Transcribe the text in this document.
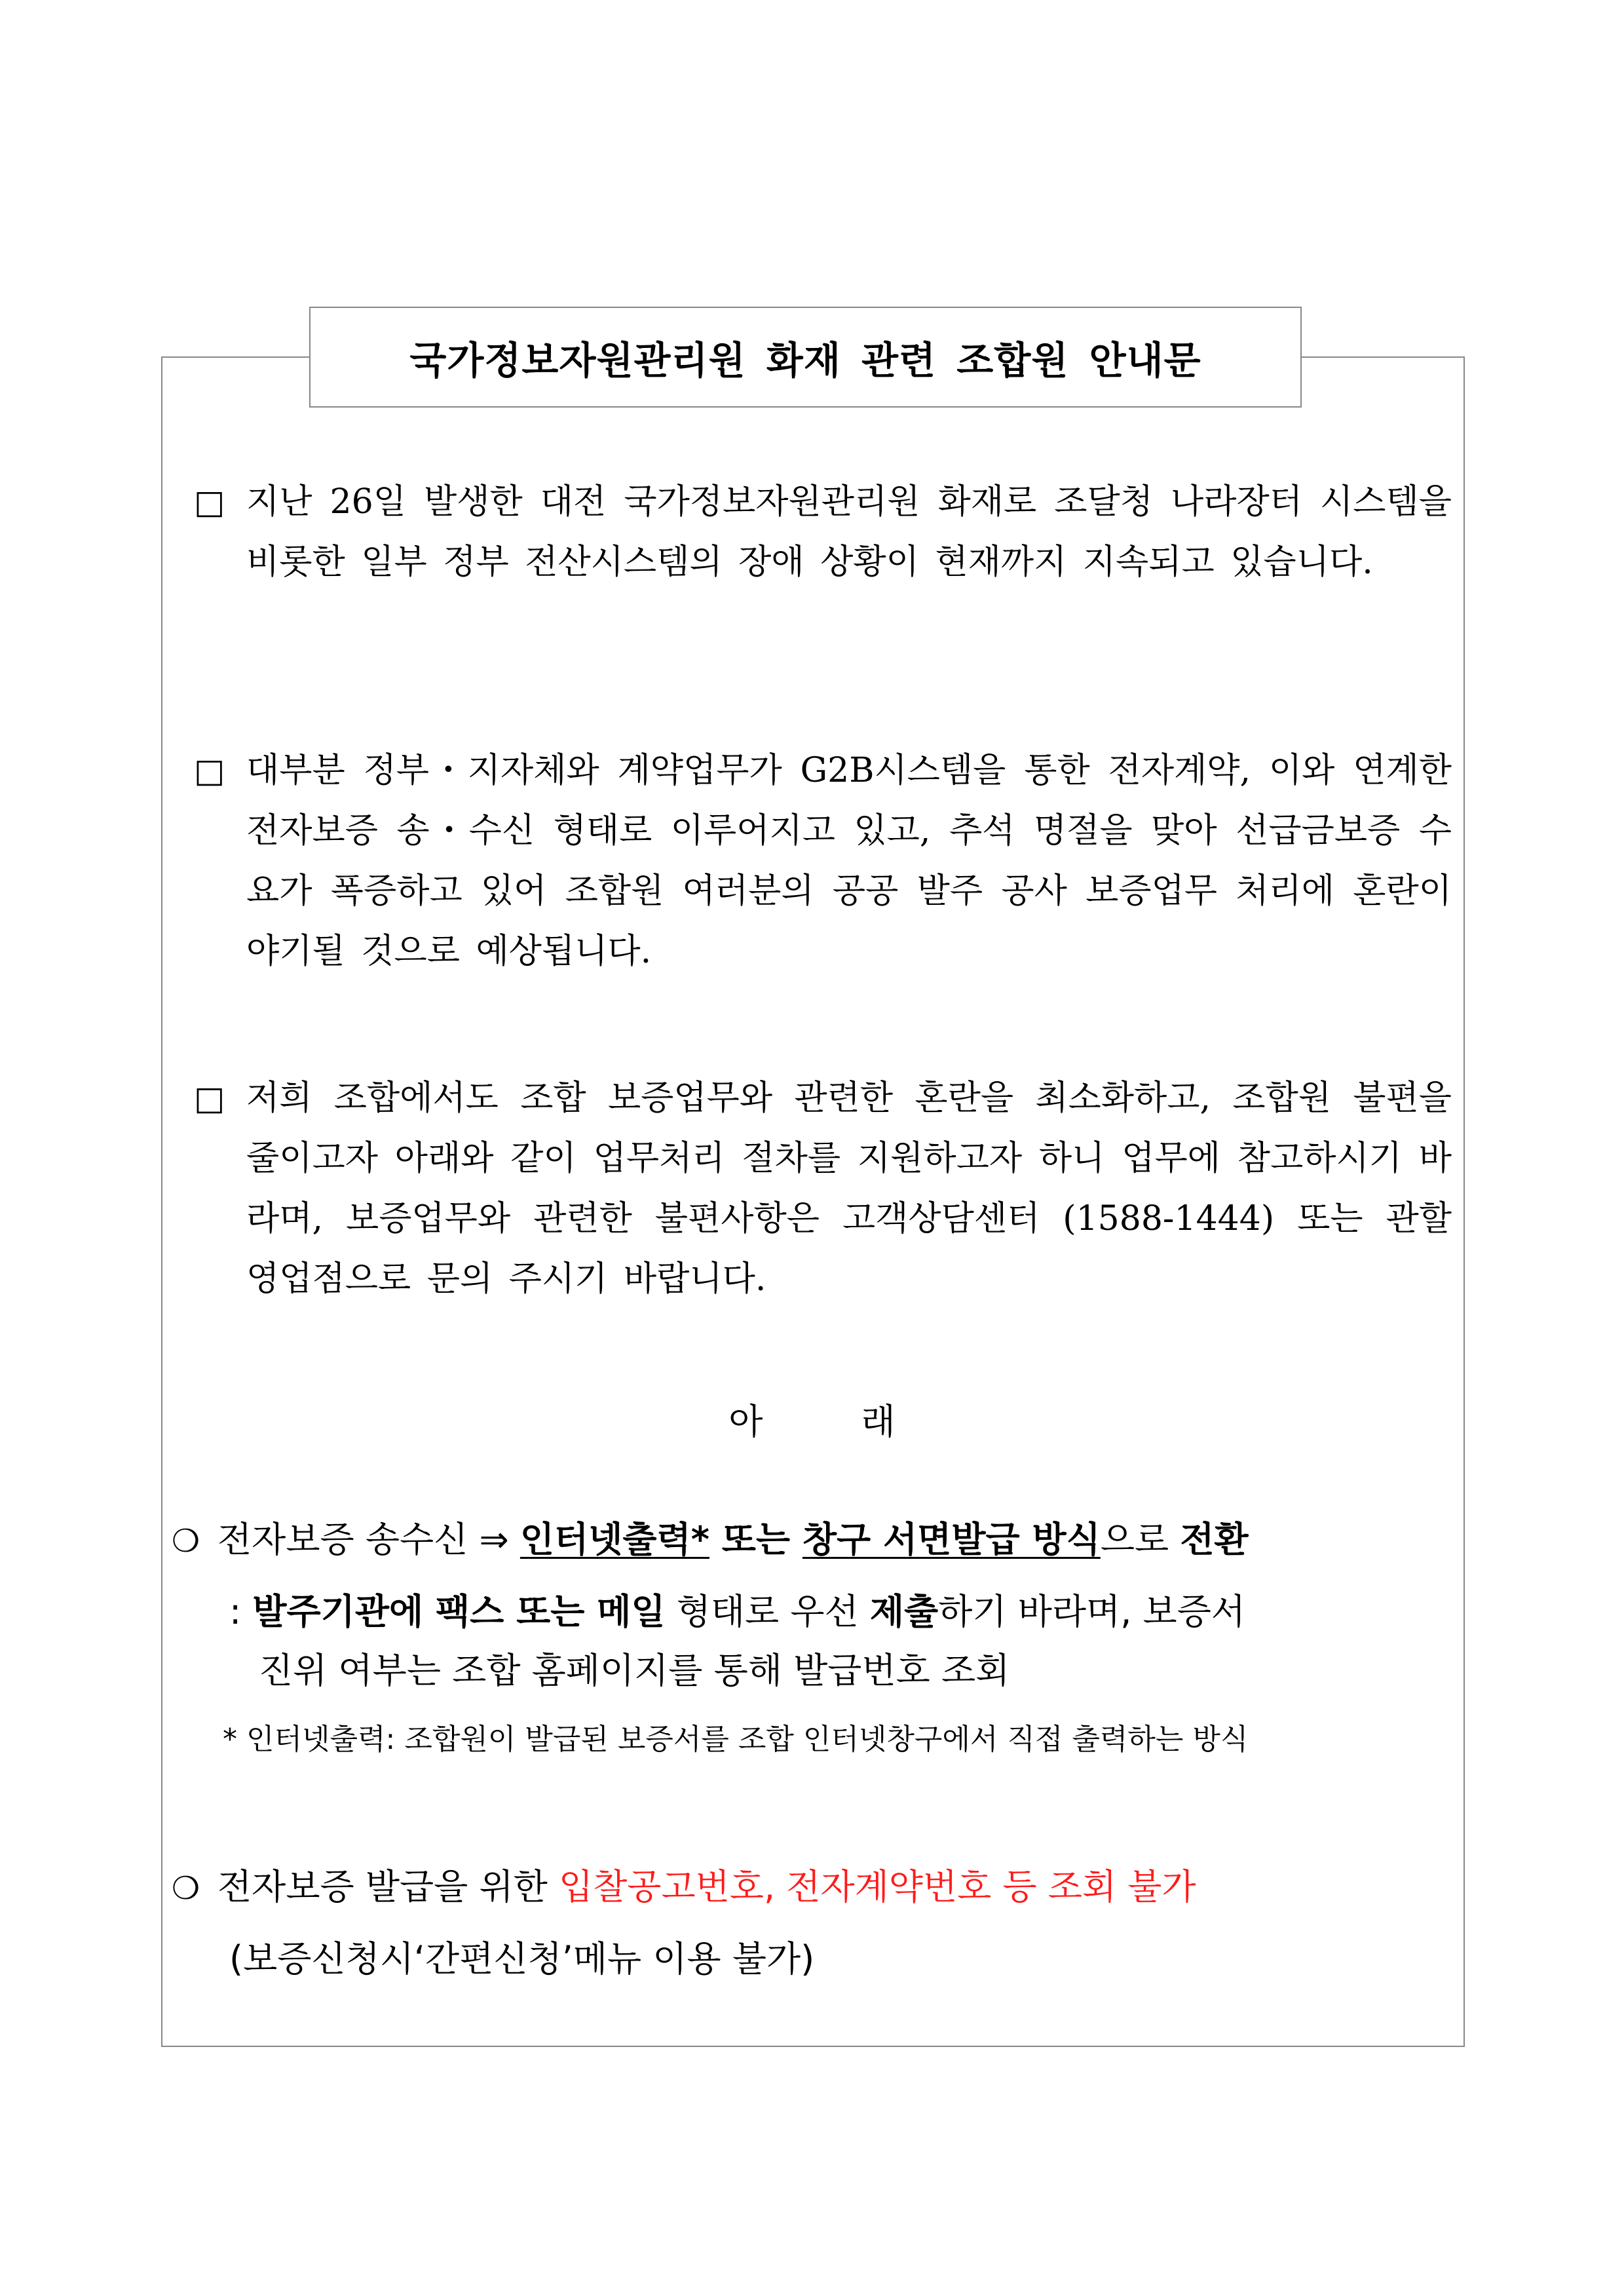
국가정보자원관리원 화재 관련 조합원 안내문
□ 지난 26일 발생한 대전 국가정보자원관리원 화재로 조달청 나라장터 시스템을 비롯한 일부 정부 전산시스템의 장애 상황이 현재까지 지속되고 있습니다.
□ 대부분 정부・지자체와 계약업무가 G2B시스템을 통한 전자계약, 이와 연계한 전자보증 송・수신 형태로 이루어지고 있고, 추석 명절을 맞아 선급금보증 수요가 폭증하고 있어 조합원 여러분의 공공 발주 공사 보증업무 처리에 혼란이 야기될 것으로 예상됩니다.
□ 저희 조합에서도 조합 보증업무와 관련한 혼란을 최소화하고, 조합원 불편을 줄이고자 아래와 같이 업무처리 절차를 지원하고자 하니 업무에 참고하시기 바라며, 보증업무와 관련한 불편사항은 고객상담센터 (1588-1444) 또는 관할 영업점으로 문의 주시기 바랍니다.
아	래
❍ 전자보증 송수신 ⇒ 인터넷출력* 또는 창구 서면발급 방식으로 전환
: 발주기관에 팩스 또는 메일 형태로 우선 제출하기 바라며, 보증서
진위 여부는 조합 홈페이지를 통해 발급번호 조회
* 인터넷출력: 조합원이 발급된 보증서를 조합 인터넷창구에서 직접 출력하는 방식
❍ 전자보증 발급을 위한 입찰공고번호, 전자계약번호 등 조회 불가
(보증신청시‘간편신청’메뉴 이용 불가)
